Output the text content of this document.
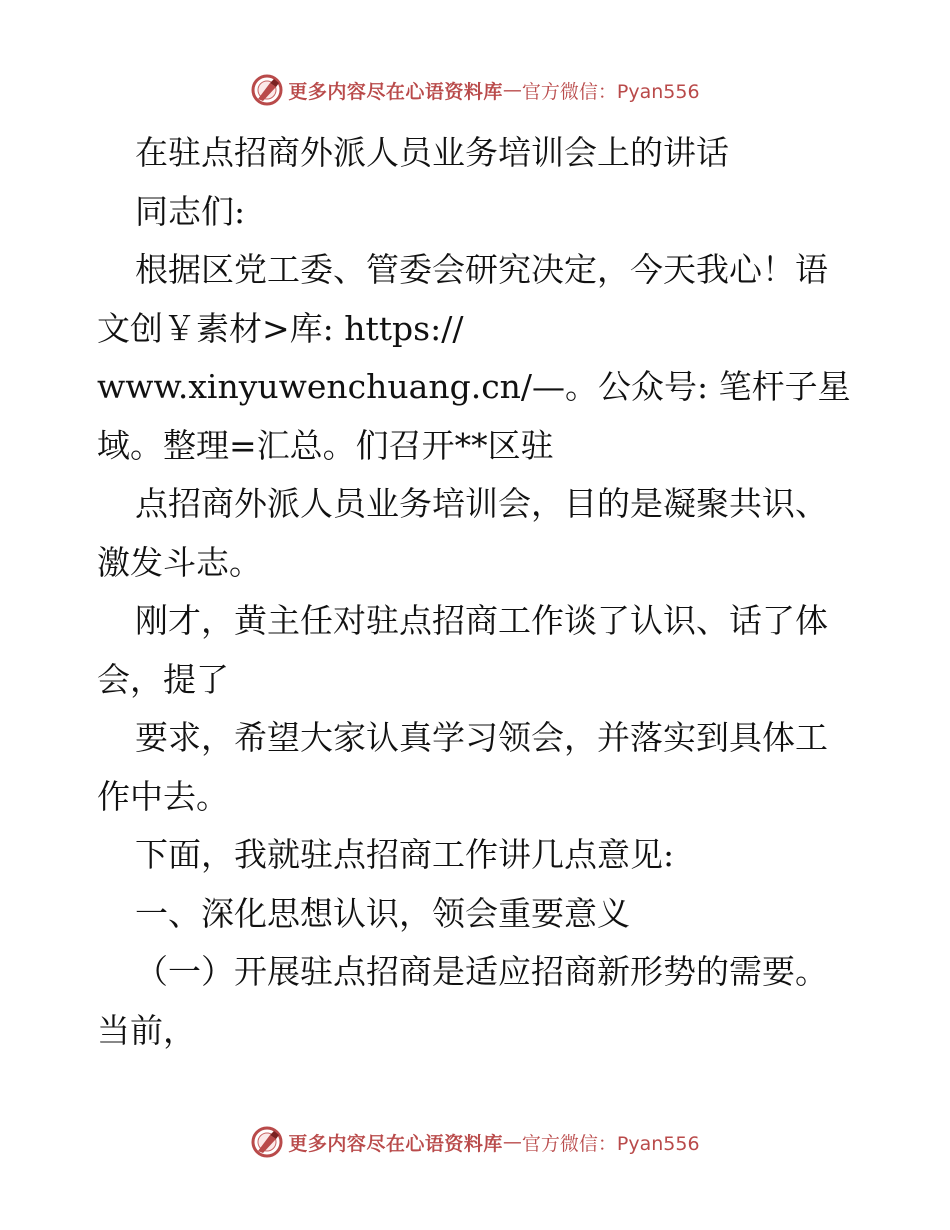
更多内容尽在心语资料库 — 官方微信：Pyan556
在驻点招商外派人员业务培训会上的讲话
同志们:
根据区党工委、管委会研究决定，今天我心！语
文创￥素材>库: https://
www.xinyuwenchuang.cn/—。公众号: 笔杆子星
域。整理=汇总。们召开**区驻
点招商外派人员业务培训会，目的是凝聚共识、
激发斗志。
刚才，黄主任对驻点招商工作谈了认识、话了体
会，提了
要求，希望大家认真学习领会，并落实到具体工
作中去。
下面，我就驻点招商工作讲几点意见:
一、深化思想认识，领会重要意义
（一）开展驻点招商是适应招商新形势的需要。
当前，
更多内容尽在心语资料库 — 官方微信：Pyan556
